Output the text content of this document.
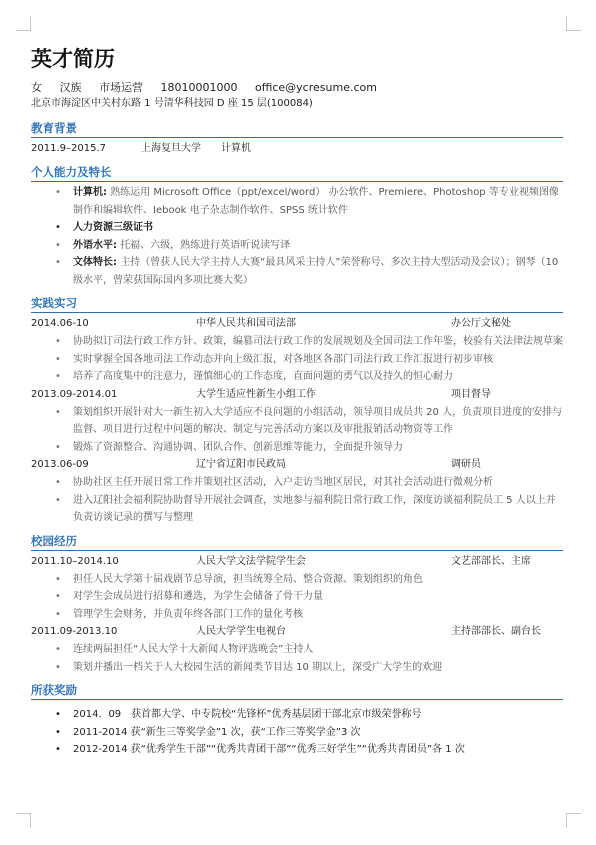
英才简历
女 汉族 市场运营 18010001000 office@ycresume.com
北京市海淀区中关村东路 1 号清华科技园 D 座 15 层(100084)
教育背景
2011.9–2015.7	上海复旦大学	计算机
个人能力及特长
• 计算机: 熟练运用 Microsoft Office（ppt/excel/word） 办公软件、Premiere、Photoshop 等专业视频图像制作和编辑软件、Iebook 电子杂志制作软件、SPSS 统计软件
• 人力资源三级证书
• 外语水平: 托福、六级，熟练进行英语听说读写译
• 文体特长: 主持（曾获人民大学主持人大赛“最具风采主持人”荣誉称号、多次主持大型活动及会议）；钢琴（10 级水平，曾荣获国际国内多项比赛大奖）
实践实习
2014.06-10	中华人民共和国司法部	办公厅文秘处
• 协助拟订司法行政工作方针、政策，编篡司法行政工作的发展规划及全国司法工作年鉴，校验有关法律法规草案
• 实时掌握全国各地司法工作动态并向上级汇报，对各地区各部门司法行政工作汇报进行初步审核
• 培养了高度集中的注意力，谨慎细心的工作态度，直面问题的勇气以及持久的恒心耐力
2013.09-2014.01	大学生适应性新生小组工作	项目督导
• 策划组织开展针对大一新生初入大学适应不良问题的小组活动，领导项目成员共 20 人，负责项目进度的安排与监督、项目进行过程中问题的解决、制定与完善活动方案以及审批报销活动物资等工作
• 锻炼了资源整合、沟通协调、团队合作、创新思维等能力，全面提升领导力
2013.06-09	辽宁省辽阳市民政局	调研员
• 协助社区主任开展日常工作并策划社区活动，入户走访当地区居民，对其社会活动进行微观分析
• 进入辽阳社会福利院协助督导开展社会调查，实地参与福利院日常行政工作，深度访谈福利院员工 5 人以上并负责访谈记录的撰写与整理
校园经历
2011.10–2014.10	人民大学文法学院学生会	文艺部部长、主席
• 担任人民大学第十届戏剧节总导演，担当统筹全局、整合资源、策划组织的角色
• 对学生会成员进行招募和遴选，为学生会储备了骨干力量
• 管理学生会财务，并负责年终各部门工作的量化考核
2011.09-2013.10	人民大学学生电视台	主持部部长、副台长
• 连续两届担任“人民大学十大新闻人物评选晚会”主持人
• 策划并播出一档关于人大校园生活的新闻类节目达 10 期以上，深受广大学生的欢迎
所获奖励
• 2014．09　获首都大学、中专院校“先锋杯”优秀基层团干部北京市级荣誉称号
• 2011-2014 获“新生三等奖学金”1 次，获“工作三等奖学金”3 次
• 2012-2014 获“优秀学生干部”“优秀共青团干部”“优秀三好学生”“优秀共青团员”各 1 次
